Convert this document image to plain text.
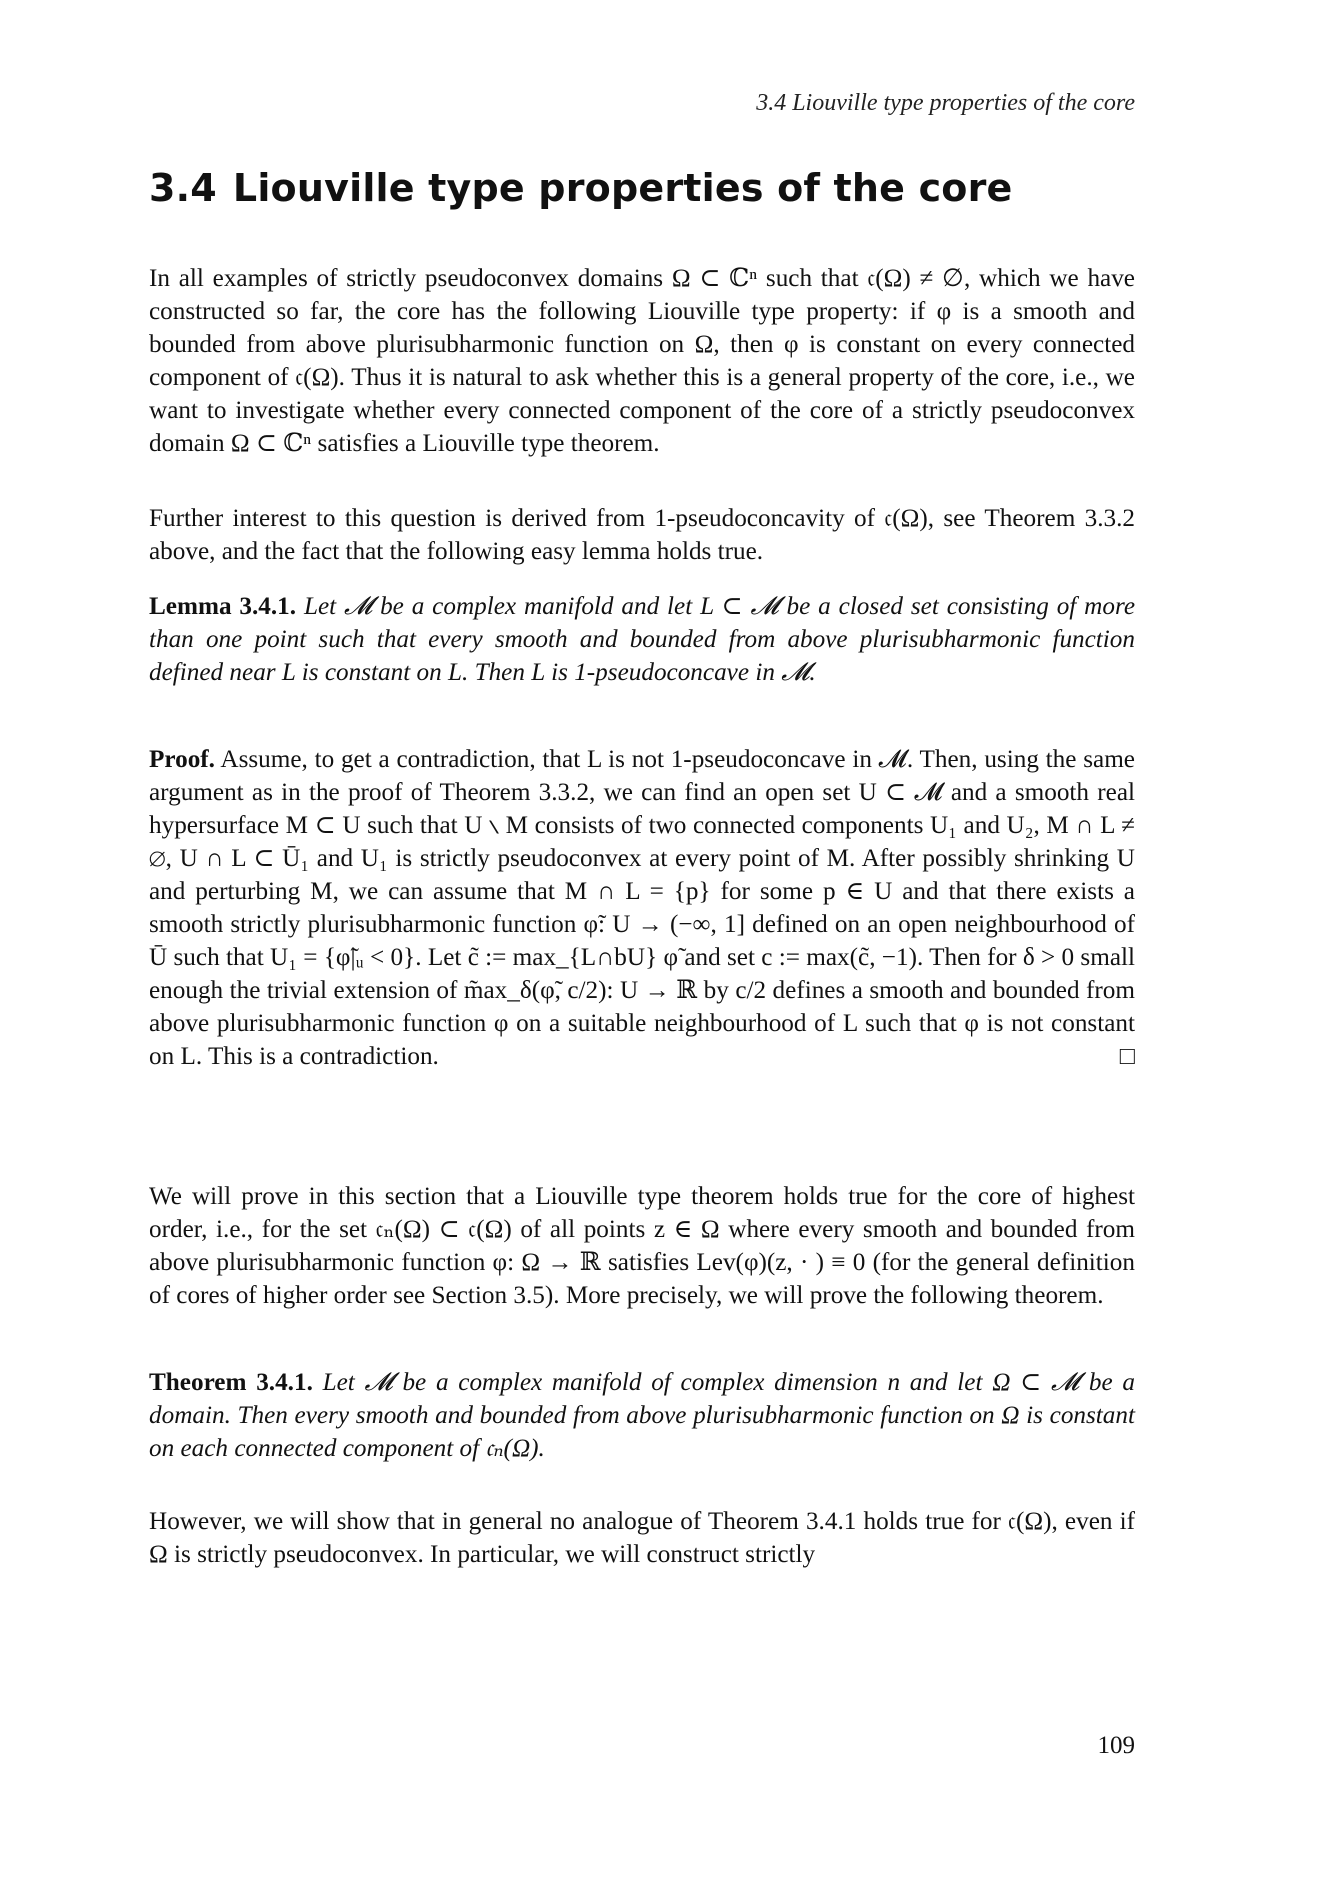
3.4 Liouville type properties of the core
3.4 Liouville type properties of the core

In all examples of strictly pseudoconvex domains Ω ⊂ ℂⁿ such that 𝔠(Ω) ≠ ∅, which we have constructed so far, the core has the following Liouville type property: if φ is a smooth and bounded from above plurisubharmonic function on Ω, then φ is constant on every connected component of 𝔠(Ω). Thus it is natural to ask whether this is a general property of the core, i.e., we want to investigate whether every connected component of the core of a strictly pseudoconvex domain Ω ⊂ ℂⁿ satisfies a Liouville type theorem.

Further interest to this question is derived from 1-pseudoconcavity of 𝔠(Ω), see Theorem 3.3.2 above, and the fact that the following easy lemma holds true.

Lemma 3.4.1. Let 𝓜 be a complex manifold and let L ⊂ 𝓜 be a closed set consisting of more than one point such that every smooth and bounded from above plurisubharmonic function defined near L is constant on L. Then L is 1-pseudoconcave in 𝓜.

Proof. Assume, to get a contradiction, that L is not 1-pseudoconcave in 𝓜. Then, using the same argument as in the proof of Theorem 3.3.2, we can find an open set U ⊂ 𝓜 and a smooth real hypersurface M ⊂ U such that U ∖ M consists of two connected components U₁ and U₂, M ∩ L ≠ ∅, U ∩ L ⊂ Ū₁ and U₁ is strictly pseudoconvex at every point of M. After possibly shrinking U and perturbing M, we can assume that M ∩ L = {p} for some p ∈ U and that there exists a smooth strictly plurisubharmonic function φ̃: U → (−∞, 1] defined on an open neighbourhood of Ū such that U₁ = {φ̃|ᵤ < 0}. Let c̃ := max_{L∩bU} φ̃ and set c := max(c̃, −1). Then for δ > 0 small enough the trivial extension of m̃ax_δ(φ̃, c/2): U → ℝ by c/2 defines a smooth and bounded from above plurisubharmonic function φ on a suitable neighbourhood of L such that φ is not constant on L. This is a contradiction.	□

We will prove in this section that a Liouville type theorem holds true for the core of highest order, i.e., for the set 𝔠ₙ(Ω) ⊂ 𝔠(Ω) of all points z ∈ Ω where every smooth and bounded from above plurisubharmonic function φ: Ω → ℝ satisfies Lev(φ)(z, · ) ≡ 0 (for the general definition of cores of higher order see Section 3.5). More precisely, we will prove the following theorem.

Theorem 3.4.1. Let 𝓜 be a complex manifold of complex dimension n and let Ω ⊂ 𝓜 be a domain. Then every smooth and bounded from above plurisubharmonic function on Ω is constant on each connected component of 𝔠ₙ(Ω).

However, we will show that in general no analogue of Theorem 3.4.1 holds true for 𝔠(Ω), even if Ω is strictly pseudoconvex. In particular, we will construct strictly

109
